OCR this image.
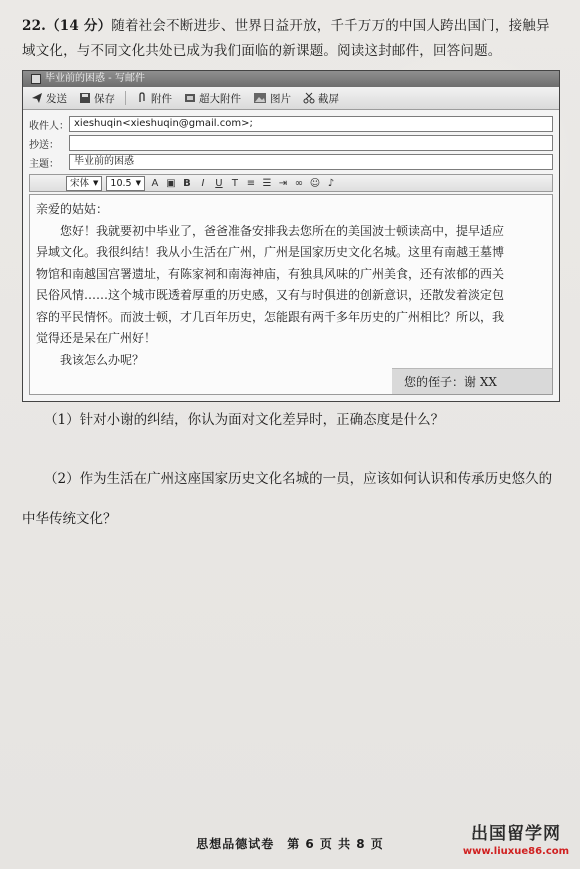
22.（14 分）随着社会不断进步、世界日益开放，千千万万的中国人跨出国门，接触异
域文化，与不同文化共处已成为我们面临的新课题。阅读这封邮件，回答问题。
毕业前的困惑 - 写邮件
发送	保存	附件	超大附件	图片	截屏
收件人： xieshuqin<xieshuqin@gmail.com>;
抄送：
主题：	毕业前的困惑
宋体 ▼ 10.5 ▼ A ▣ B	I	U T ≡ ☰ ⇥ ∞ ☺ ♪

亲爱的姑姑：

您好！我就要初中毕业了，爸爸准备安排我去您所在的美国波士顿读高中，提早适应

异域文化。我很纠结！我从小生活在广州，广州是国家历史文化名城。这里有南越王墓博

物馆和南越国宫署遗址，有陈家祠和南海神庙，有独具风味的广州美食，还有浓郁的西关

民俗风情……这个城市既透着厚重的历史感，又有与时俱进的创新意识，还散发着淡定包

容的平民情怀。而波士顿，才几百年历史，怎能跟有两千多年历史的广州相比？所以，我

觉得还是呆在广州好！

我该怎么办呢？

您的侄子：谢 XX
（1）针对小谢的纠结，你认为面对文化差异时，正确态度是什么？
（2）作为生活在广州这座国家历史文化名城的一员，应该如何认识和传承历史悠久的
中华传统文化？
思想品德试卷　第 6 页 共 8 页	出国留学网
www.liuxue86.com
